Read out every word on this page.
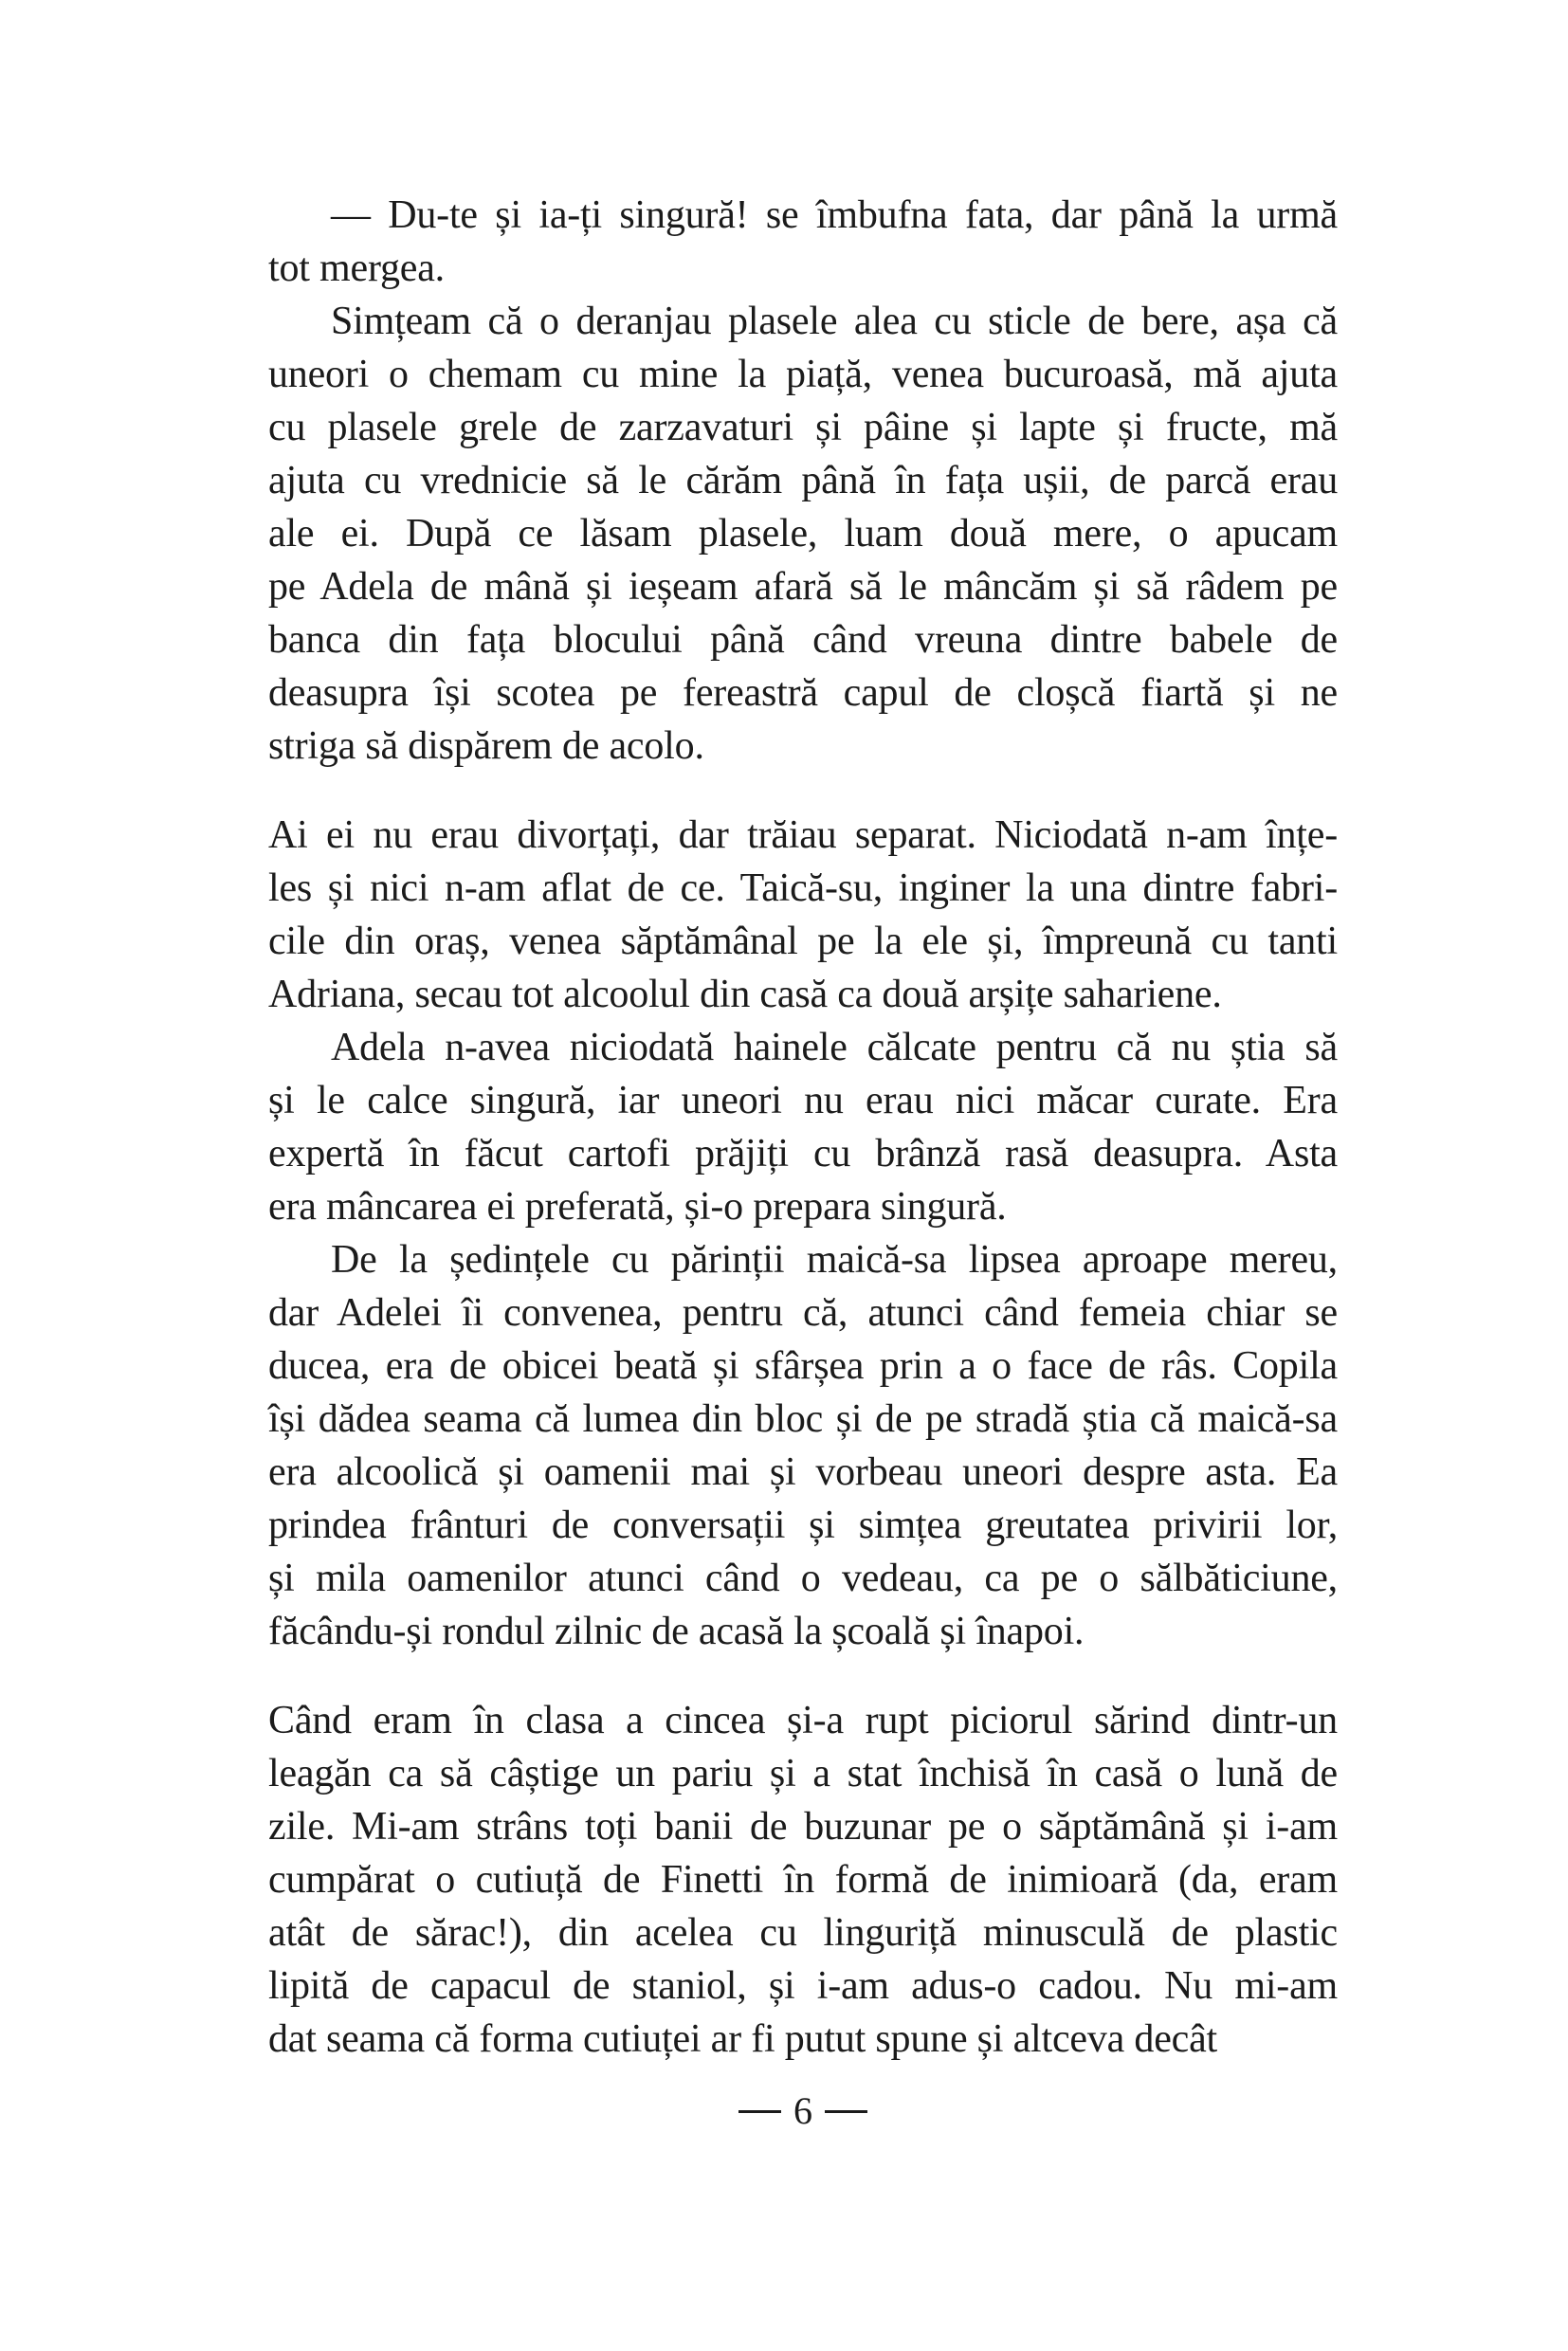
— Du-te și ia-ți singură! se îmbufna fata, dar până la urmă
tot mergea.
Simțeam că o deranjau plasele alea cu sticle de bere, așa că
uneori o chemam cu mine la piață, venea bucuroasă, mă ajuta
cu plasele grele de zarzavaturi și pâine și lapte și fructe, mă
ajuta cu vrednicie să le cărăm până în fața ușii, de parcă erau
ale ei. După ce lăsam plasele, luam două mere, o apucam
pe Adela de mână și ieșeam afară să le mâncăm și să râdem pe
banca din fața blocului până când vreuna dintre babele de
deasupra își scotea pe fereastră capul de cloșcă fiartă și ne
striga să dispărem de acolo.
Ai ei nu erau divorțați, dar trăiau separat. Niciodată n-am înțe-
les și nici n-am aflat de ce. Taică-su, inginer la una dintre fabri-
cile din oraș, venea săptămânal pe la ele și, împreună cu tanti
Adriana, secau tot alcoolul din casă ca două arșițe sahariene.
Adela n-avea niciodată hainele călcate pentru că nu știa să
și le calce singură, iar uneori nu erau nici măcar curate. Era
expertă în făcut cartofi prăjiți cu brânză rasă deasupra. Asta
era mâncarea ei preferată, și-o prepara singură.
De la ședințele cu părinții maică-sa lipsea aproape mereu,
dar Adelei îi convenea, pentru că, atunci când femeia chiar se
ducea, era de obicei beată și sfârșea prin a o face de râs. Copila
își dădea seama că lumea din bloc și de pe stradă știa că maică-sa
era alcoolică și oamenii mai și vorbeau uneori despre asta. Ea
prindea frânturi de conversații și simțea greutatea privirii lor,
și mila oamenilor atunci când o vedeau, ca pe o sălbăticiune,
făcându-și rondul zilnic de acasă la școală și înapoi.
Când eram în clasa a cincea și-a rupt piciorul sărind dintr-un
leagăn ca să câștige un pariu și a stat închisă în casă o lună de
zile. Mi-am strâns toți banii de buzunar pe o săptămână și i-am
cumpărat o cutiuță de Finetti în formă de inimioară (da, eram
atât de sărac!), din acelea cu linguriță minusculă de plastic
lipită de capacul de staniol, și i-am adus-o cadou. Nu mi-am
dat seama că forma cutiuței ar fi putut spune și altceva decât
6
